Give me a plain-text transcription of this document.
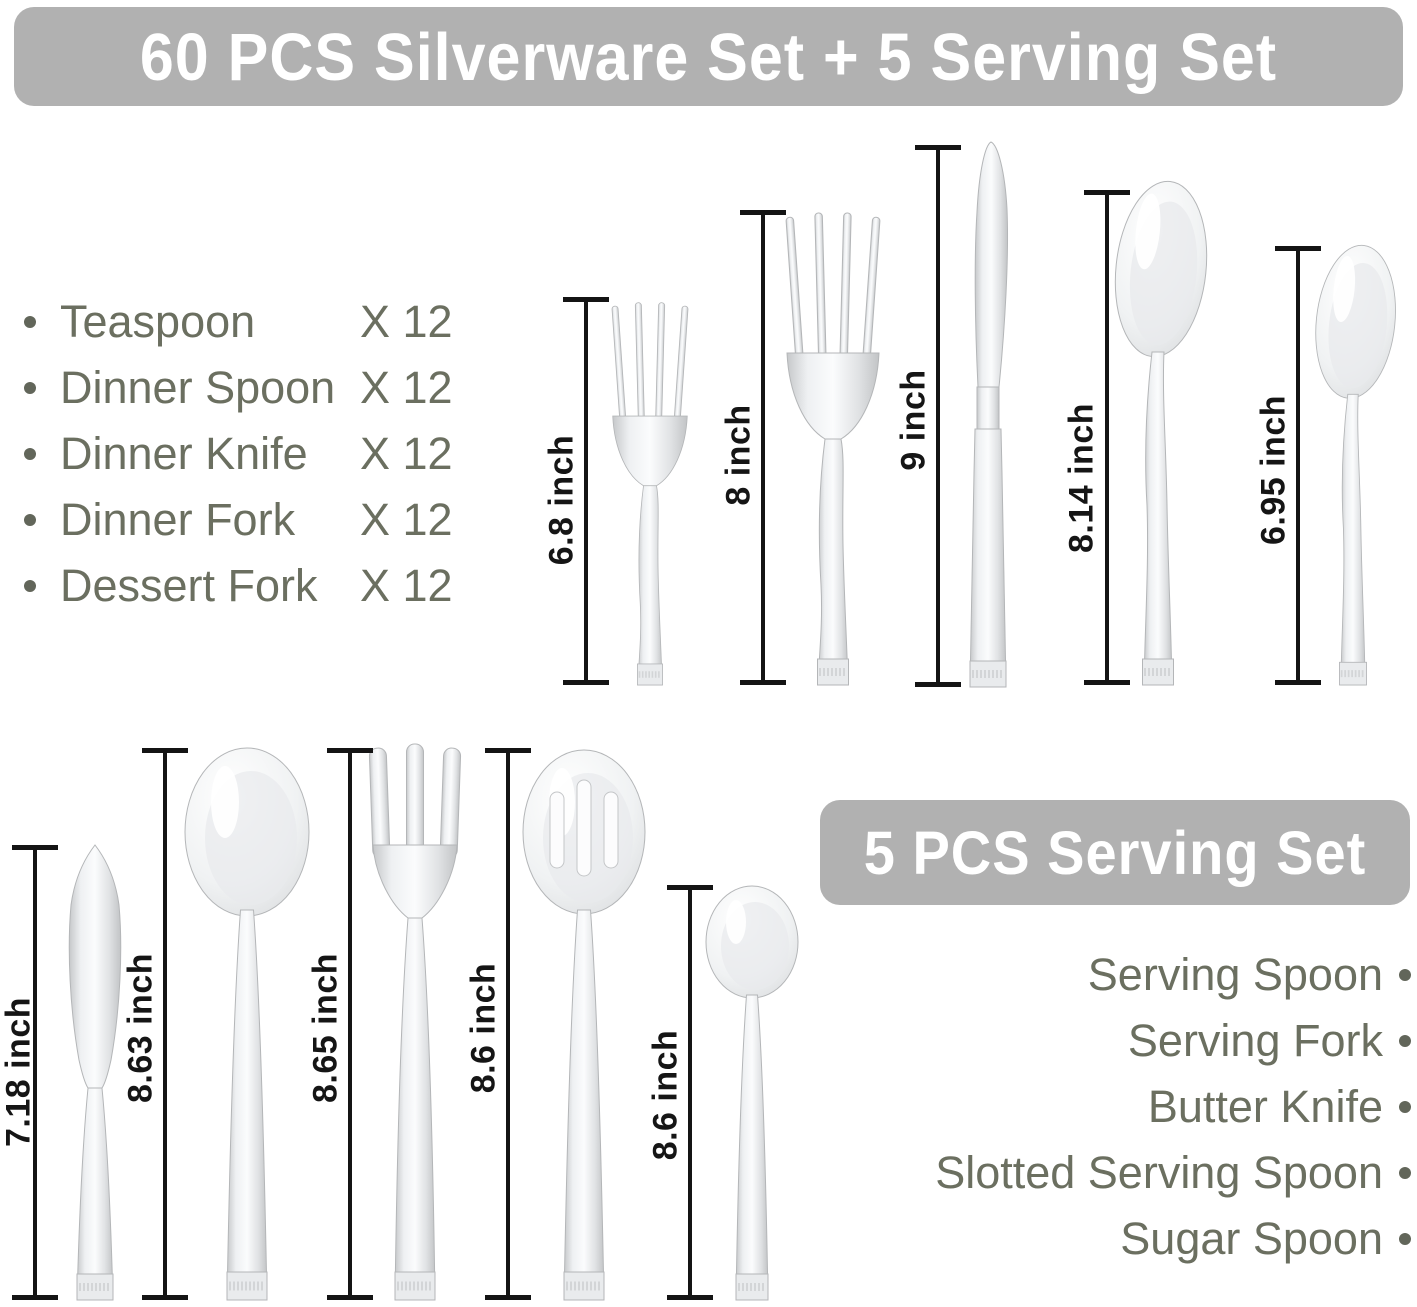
60 PCS Silverware Set + 5 Serving Set
Teaspoon X 12
Dinner Spoon X 12
Dinner Knife X 12
Dinner Fork X 12
Dessert Fork X 12
6.8 inch	8 inch	9 inch	8.14 inch	6.95 inch
7.18 inch 8.63 inch	8.65 inch	8.6 inch
8.6 inch
5 PCS Serving Set
Serving Spoon
Serving Fork
Butter Knife
Slotted Serving Spoon
Sugar Spoon
